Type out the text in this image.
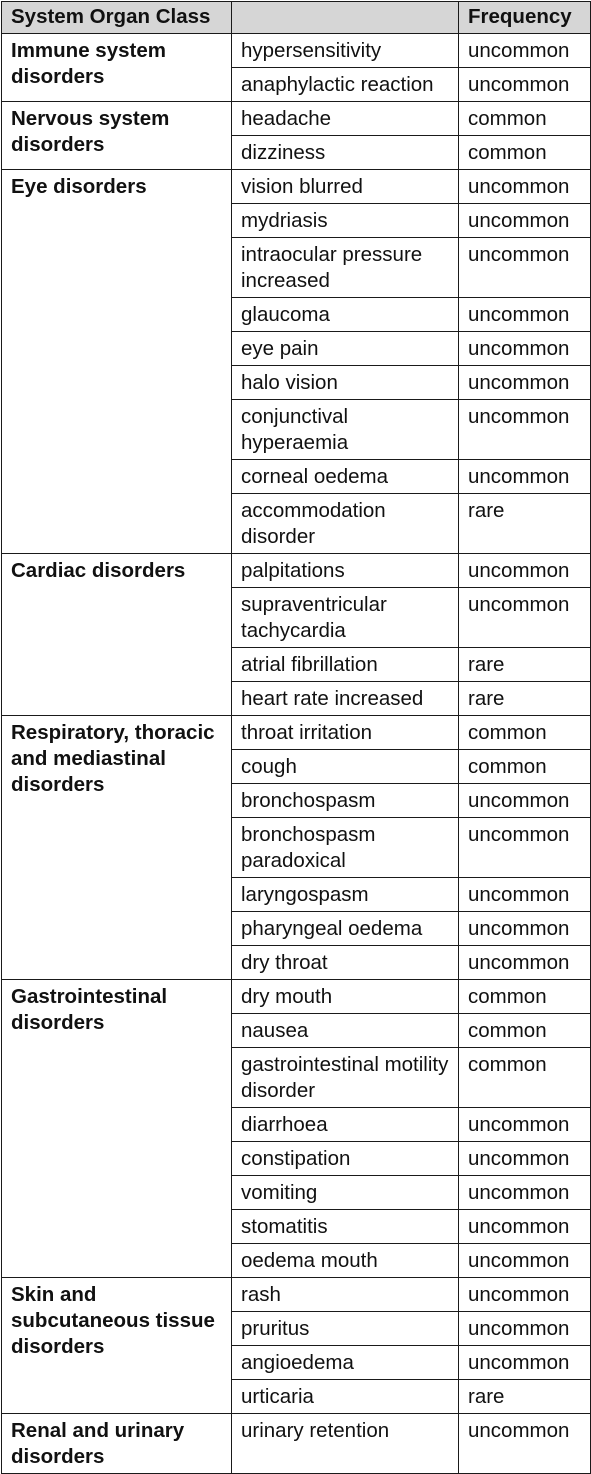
System Organ Class		Frequency
Immune system disorders	hypersensitivity	uncommon
	anaphylactic reaction	uncommon
Nervous system disorders	headache	common
	dizziness	common
Eye disorders	vision blurred	uncommon
	mydriasis	uncommon
	intraocular pressure increased	uncommon
	glaucoma	uncommon
	eye pain	uncommon
	halo vision	uncommon
	conjunctival hyperaemia	uncommon
	corneal oedema	uncommon
	accommodation disorder	rare
Cardiac disorders	palpitations	uncommon
	supraventricular tachycardia	uncommon
	atrial fibrillation	rare
	heart rate increased	rare
Respiratory, thoracic and mediastinal disorders	throat irritation	common
	cough	common
	bronchospasm	uncommon
	bronchospasm paradoxical	uncommon
	laryngospasm	uncommon
	pharyngeal oedema	uncommon
	dry throat	uncommon
Gastrointestinal disorders	dry mouth	common
	nausea	common
	gastrointestinal motility disorder	common
	diarrhoea	uncommon
	constipation	uncommon
	vomiting	uncommon
	stomatitis	uncommon
	oedema mouth	uncommon
Skin and subcutaneous tissue disorders	rash	uncommon
	pruritus	uncommon
	angioedema	uncommon
	urticaria	rare
Renal and urinary disorders	urinary retention	uncommon
